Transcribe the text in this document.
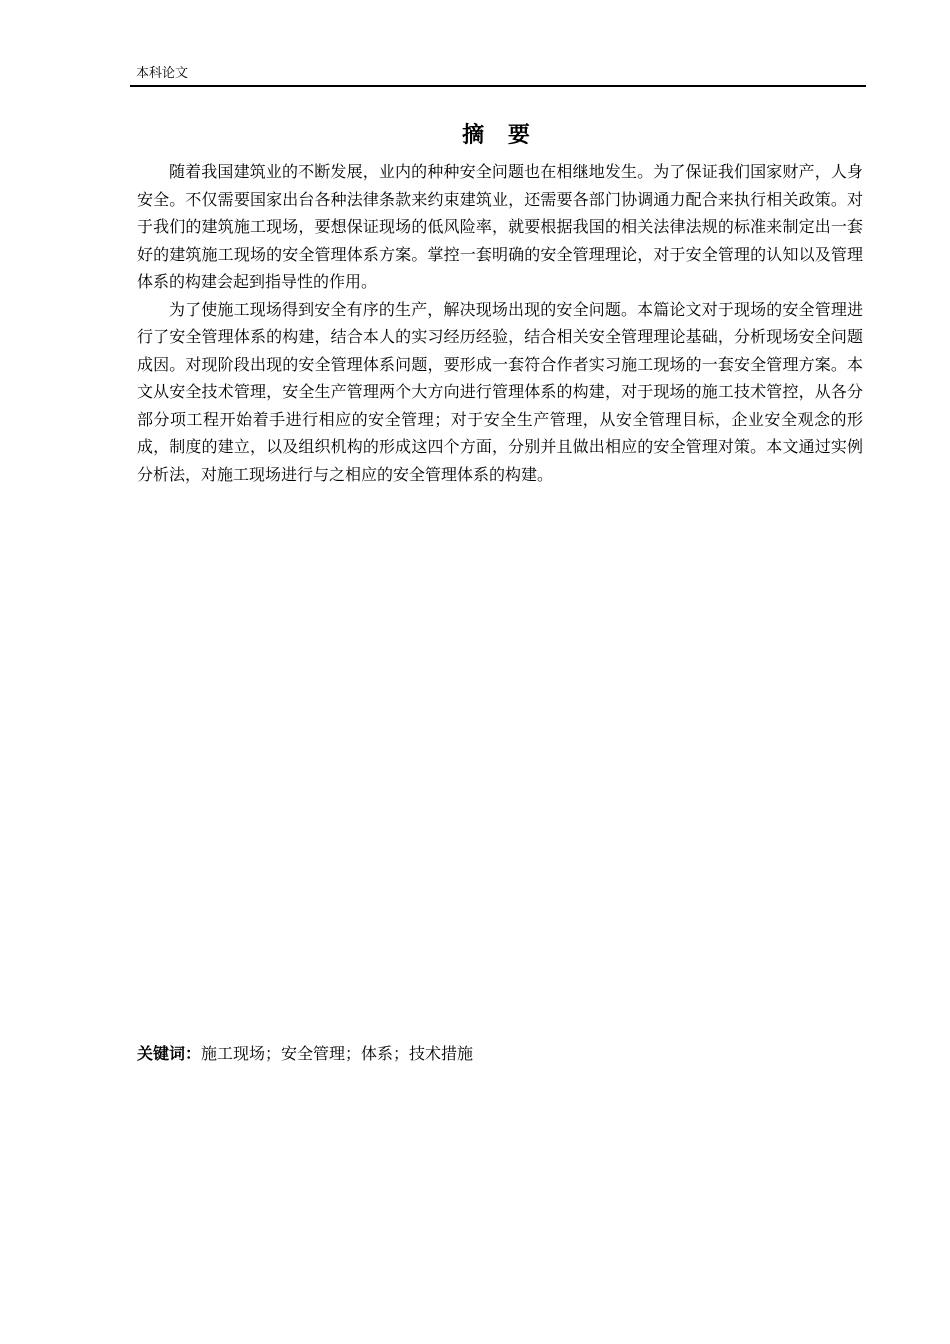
本科论文
摘 要

随着我国建筑业的不断发展，业内的种种安全问题也在相继地发生。为了保证我们国家财产，人身安全。不仅需要国家出台各种法律条款来约束建筑业，还需要各部门协调通力配合来执行相关政策。对于我们的建筑施工现场，要想保证现场的低风险率，就要根据我国的相关法律法规的标准来制定出一套好的建筑施工现场的安全管理体系方案。掌控一套明确的安全管理理论，对于安全管理的认知以及管理体系的构建会起到指导性的作用。

为了使施工现场得到安全有序的生产，解决现场出现的安全问题。本篇论文对于现场的安全管理进行了安全管理体系的构建，结合本人的实习经历经验，结合相关安全管理理论基础，分析现场安全问题成因。对现阶段出现的安全管理体系问题，要形成一套符合作者实习施工现场的一套安全管理方案。本文从安全技术管理，安全生产管理两个大方向进行管理体系的构建，对于现场的施工技术管控，从各分部分项工程开始着手进行相应的安全管理；对于安全生产管理，从安全管理目标，企业安全观念的形成，制度的建立，以及组织机构的形成这四个方面，分别并且做出相应的安全管理对策。本文通过实例分析法，对施工现场进行与之相应的安全管理体系的构建。

关键词：施工现场；安全管理；体系；技术措施
